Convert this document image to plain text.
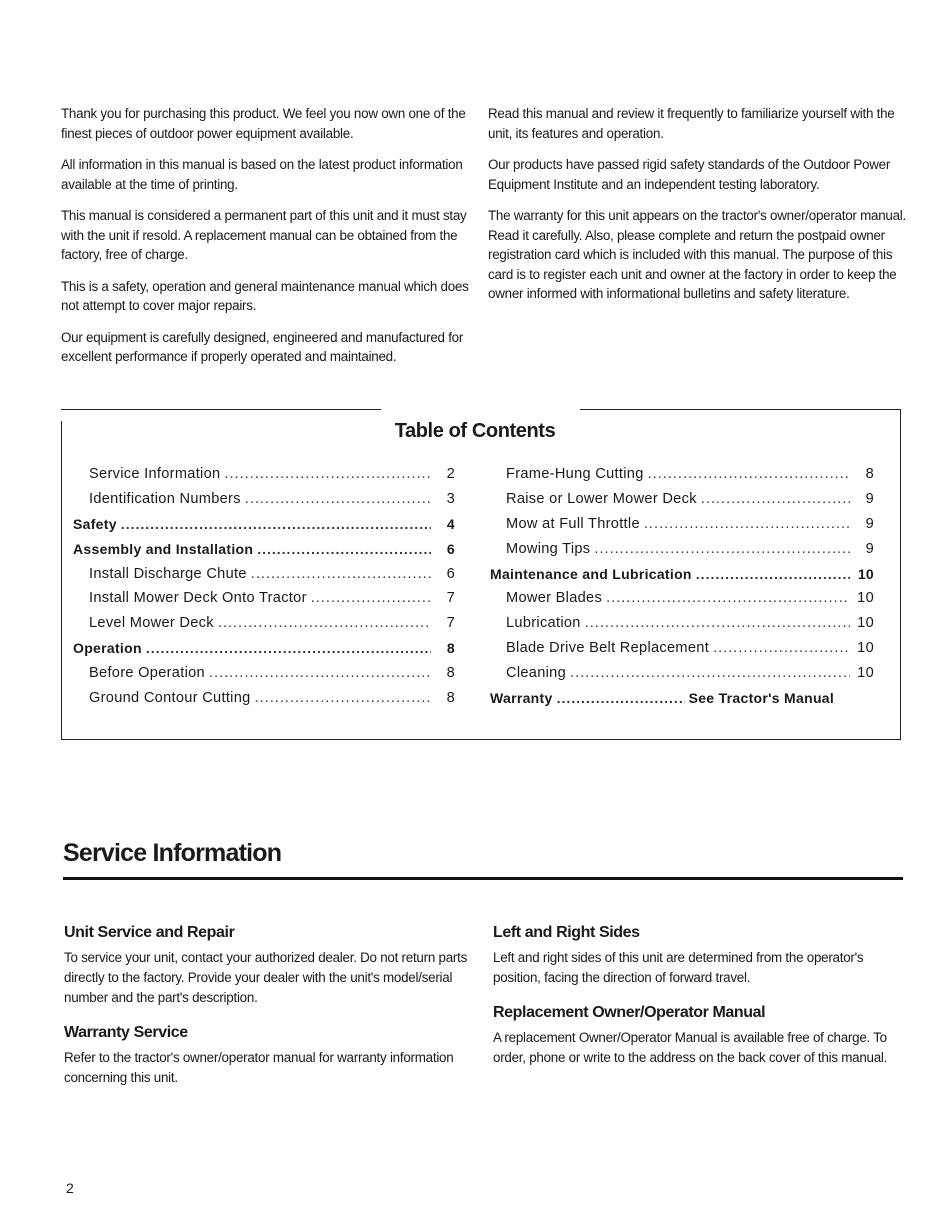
Thank you for purchasing this product. We feel you now own one of the finest pieces of outdoor power equipment available.

All information in this manual is based on the latest product information available at the time of printing.

This manual is considered a permanent part of this unit and it must stay with the unit if resold. A replacement manual can be obtained from the factory, free of charge.

This is a safety, operation and general maintenance manual which does not attempt to cover major repairs.

Our equipment is carefully designed, engineered and manufactured for excellent performance if properly operated and maintained.

Read this manual and review it frequently to familiarize yourself with the unit, its features and operation.

Our products have passed rigid safety standards of the Outdoor Power Equipment Institute and an independent testing laboratory.

The warranty for this unit appears on the tractor's owner/operator manual. Read it carefully. Also, please complete and return the postpaid owner registration card which is included with this manual. The purpose of this card is to register each unit and owner at the factory in order to keep the owner informed with informational bulletins and safety literature.

Table of Contents
Service Information .....	2
Identification Numbers .....	3
Safety .....	4
Assembly and Installation .....	6
Install Discharge Chute .....	6
Install Mower Deck Onto Tractor .....	7
Level Mower Deck .....	7
Operation .....	8
Before Operation .....	8
Ground Contour Cutting .....	8
Frame-Hung Cutting .....	8
Raise or Lower Mower Deck .....	9
Mow at Full Throttle .....	9
Mowing Tips .....	9
Maintenance and Lubrication .....	10
Mower Blades .....	10
Lubrication .....	10
Blade Drive Belt Replacement .....	10
Cleaning .....	10
Warranty .....	See Tractor's Manual
Service Information
Unit Service and Repair

To service your unit, contact your authorized dealer. Do not return parts directly to the factory. Provide your dealer with the unit's model/serial number and the part's description.

Warranty Service

Refer to the tractor's owner/operator manual for warranty information concerning this unit.

Left and Right Sides

Left and right sides of this unit are determined from the operator's position, facing the direction of forward travel.

Replacement Owner/Operator Manual

A replacement Owner/Operator Manual is available free of charge. To order, phone or write to the address on the back cover of this manual.

2
